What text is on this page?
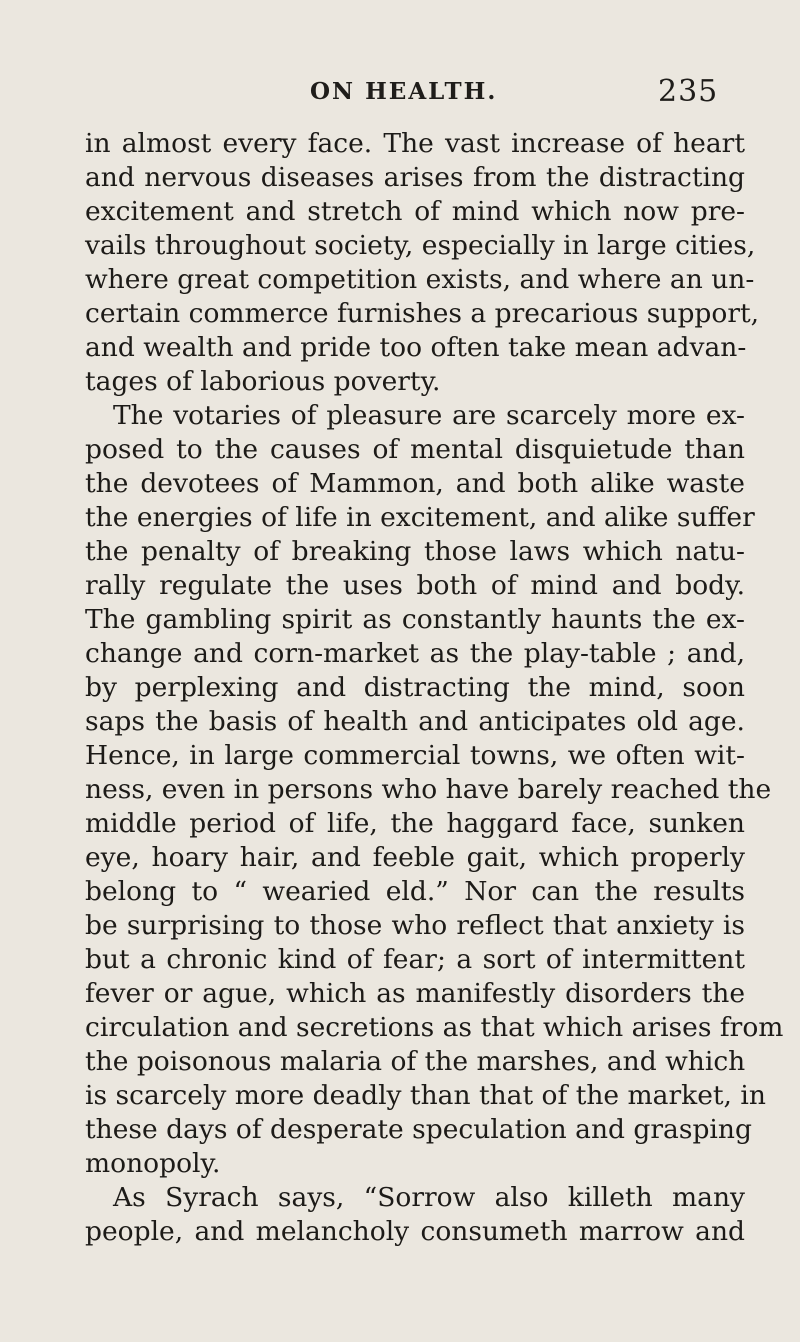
ON HEALTH.	235
in almost every face. The vast increase of heart
and nervous diseases arises from the distracting
excitement and stretch of mind which now pre-
vails throughout society, especially in large cities,
where great competition exists, and where an un-
certain commerce furnishes a precarious support,
and wealth and pride too often take mean advan-
tages of laborious poverty.
The votaries of pleasure are scarcely more ex-
posed to the causes of mental disquietude than
the devotees of Mammon, and both alike waste
the energies of life in excitement, and alike suffer
the penalty of breaking those laws which natu-
rally regulate the uses both of mind and body.
The gambling spirit as constantly haunts the ex-
change and corn-market as the play-table ; and,
by perplexing and distracting the mind, soon
saps the basis of health and anticipates old age.
Hence, in large commercial towns, we often wit-
ness, even in persons who have barely reached the
middle period of life, the haggard face, sunken
eye, hoary hair, and feeble gait, which properly
belong to “ wearied eld.” Nor can the results
be surprising to those who reflect that anxiety is
but a chronic kind of fear; a sort of intermittent
fever or ague, which as manifestly disorders the
circulation and secretions as that which arises from
the poisonous malaria of the marshes, and which
is scarcely more deadly than that of the market, in
these days of desperate speculation and grasping
monopoly.
As Syrach says, “Sorrow also killeth many
people, and melancholy consumeth marrow and
